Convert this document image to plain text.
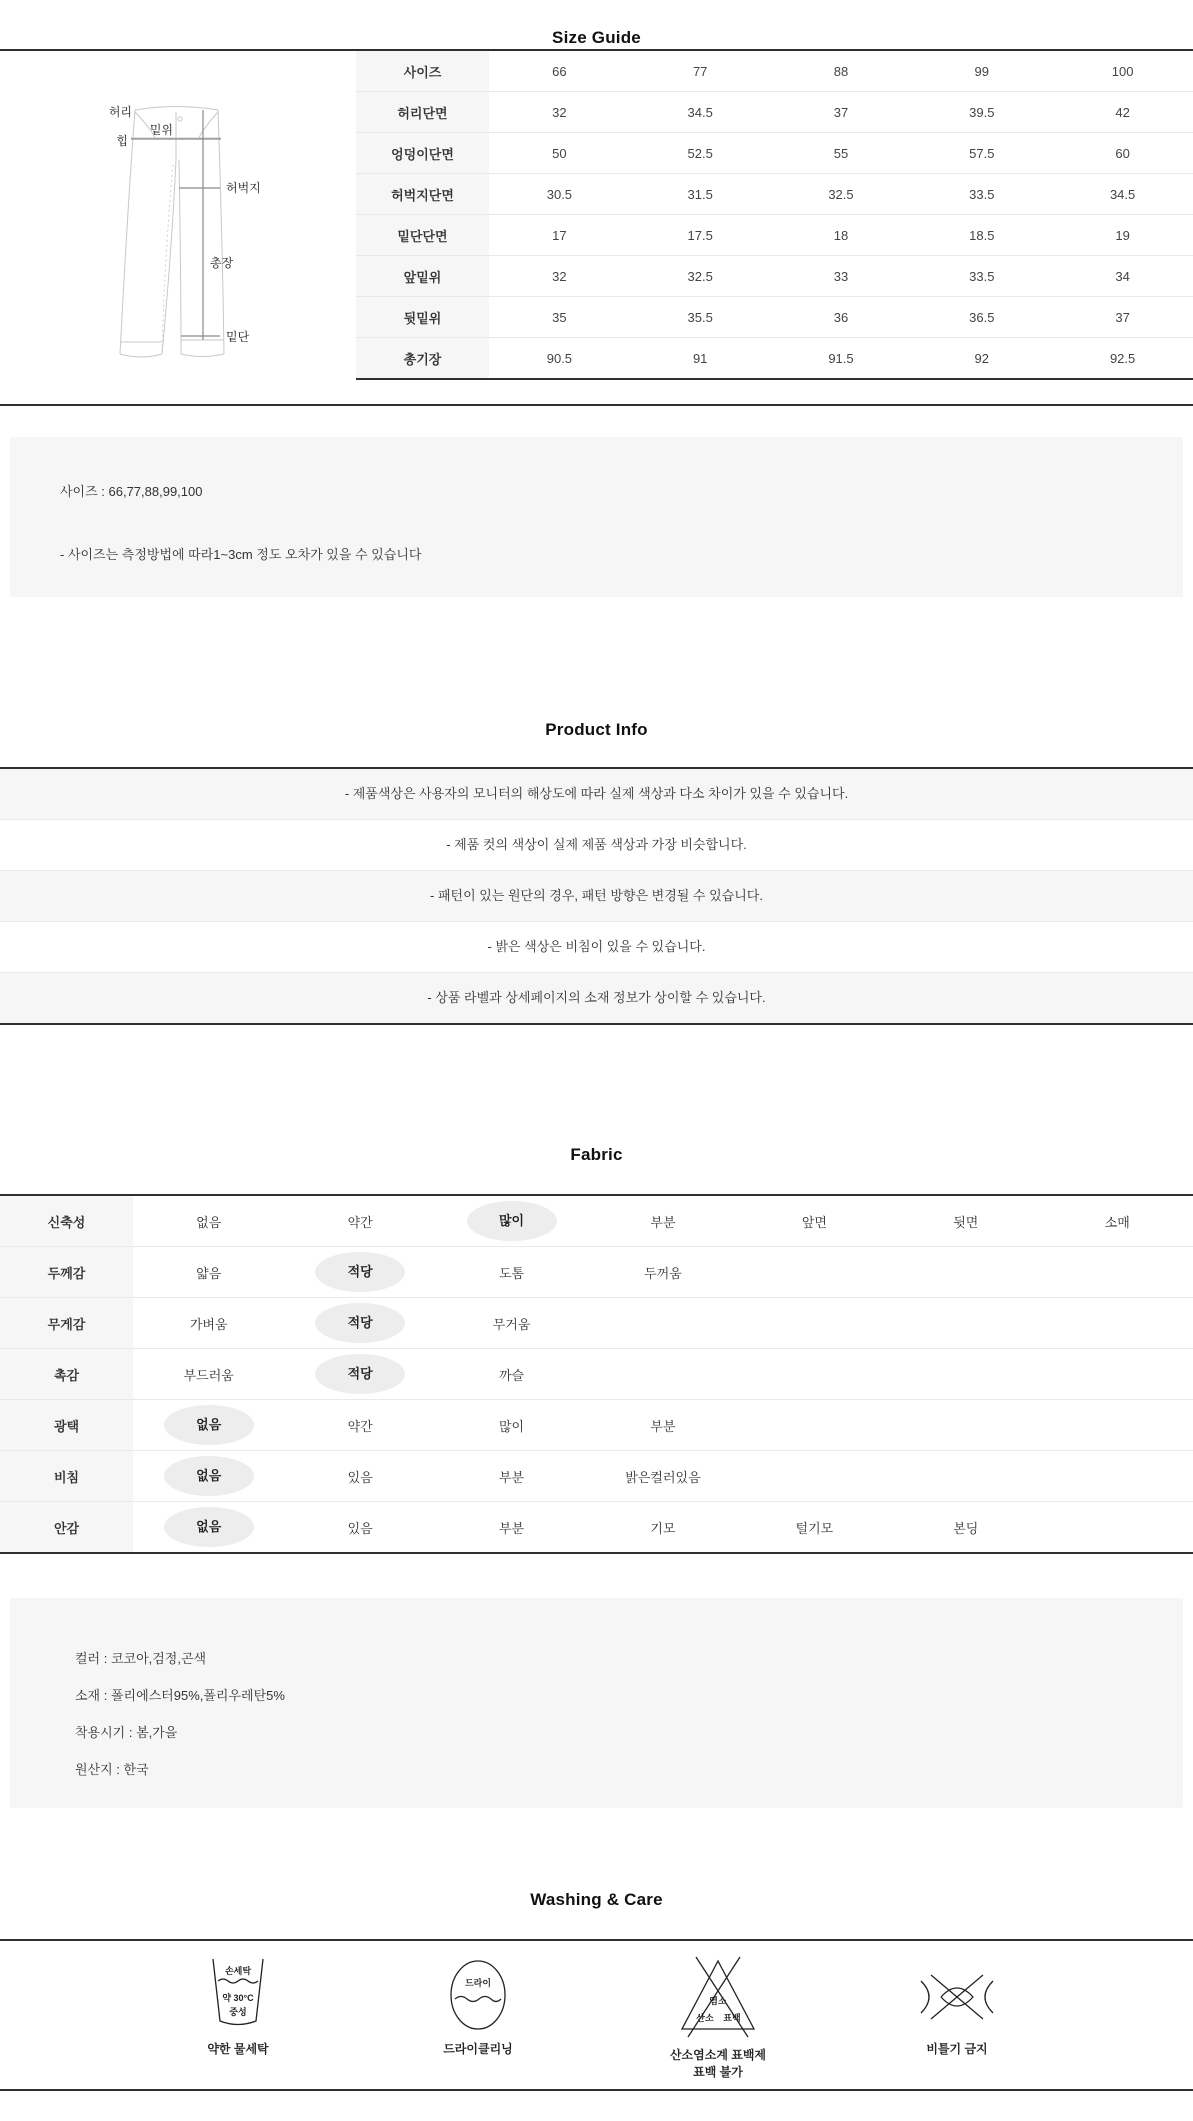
Size Guide
허리
밑위
힙
허벅지
총장
밑단
사이즈	66	77	88	99	100
허리단면	32	34.5	37	39.5	42
엉덩이단면	50	52.5	55	57.5	60
허벅지단면	30.5	31.5	32.5	33.5	34.5
밑단단면	17	17.5	18	18.5	19
앞밑위	32	32.5	33	33.5	34
뒷밑위	35	35.5	36	36.5	37
총기장	90.5	91	91.5	92	92.5

사이즈 : 66,77,88,99,100

- 사이즈는 측정방법에 따라1~3cm 정도 오차가 있을 수 있습니다

Product Info
- 제품색상은 사용자의 모니터의 해상도에 따라 실제 색상과 다소 차이가 있을 수 있습니다.
- 제품 컷의 색상이 실제 제품 색상과 가장 비슷합니다.
- 패턴이 있는 원단의 경우, 패턴 방향은 변경될 수 있습니다.
- 밝은 색상은 비침이 있을 수 있습니다.
- 상품 라벨과 상세페이지의 소재 정보가 상이할 수 있습니다.
Fabric
신축성	없음	약간	많이	부분	앞면	뒷면	소매
두께감	얇음	적당	도톰	두꺼움			
무게감	가벼움	적당	무거움				
촉감	부드러움	적당	까슬				
광택	없음	약간	많이	부분			
비침	없음	있음	부분	밝은컬러있음			
안감	없음	있음	부분	기모	털기모	본딩	

컬러 : 코코아,검정,곤색

소재 : 폴리에스터95%,폴리우레탄5%

착용시기 : 봄,가을

원산지 : 한국

Washing & Care
손세탁
약 30°C
중성
약한 물세탁
드라이
드라이클리닝
염소
산소 표백
산소염소계 표백제
표백 불가
비틀기 금지
